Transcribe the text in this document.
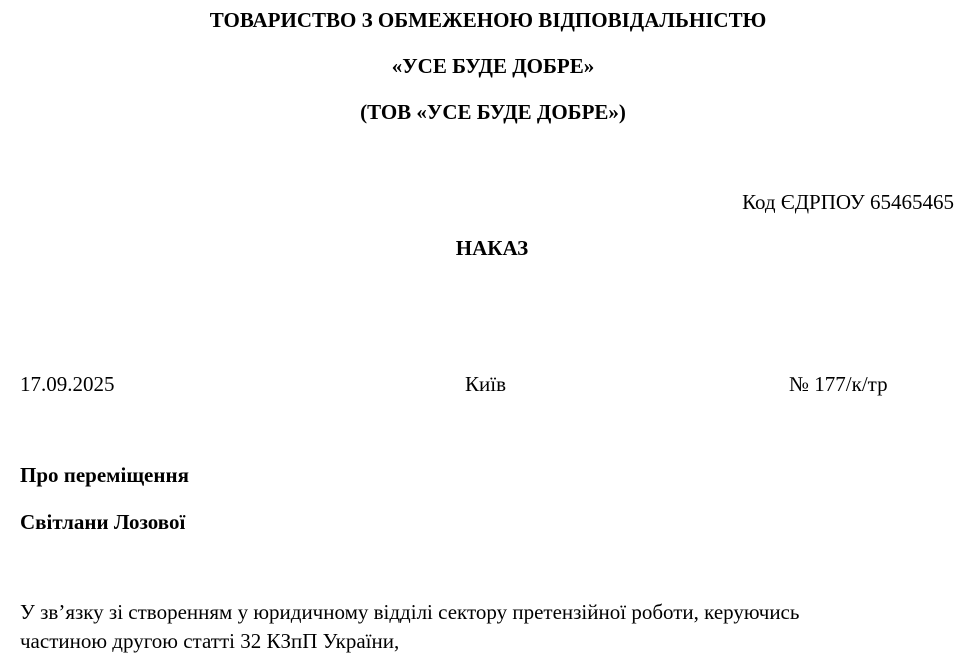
ТОВАРИСТВО З ОБМЕЖЕНОЮ ВІДПОВІДАЛЬНІСТЮ
«УСЕ БУДЕ ДОБРЕ»
(ТОВ «УСЕ БУДЕ ДОБРЕ»)
Код ЄДРПОУ 65465465
НАКАЗ
17.09.2025	Київ	№ 177/к/тр
Про переміщення
Світлани Лозової
У зв’язку зі створенням у юридичному відділі сектору претензійної роботи, керуючись
частиною другою статті 32 КЗпП України,
